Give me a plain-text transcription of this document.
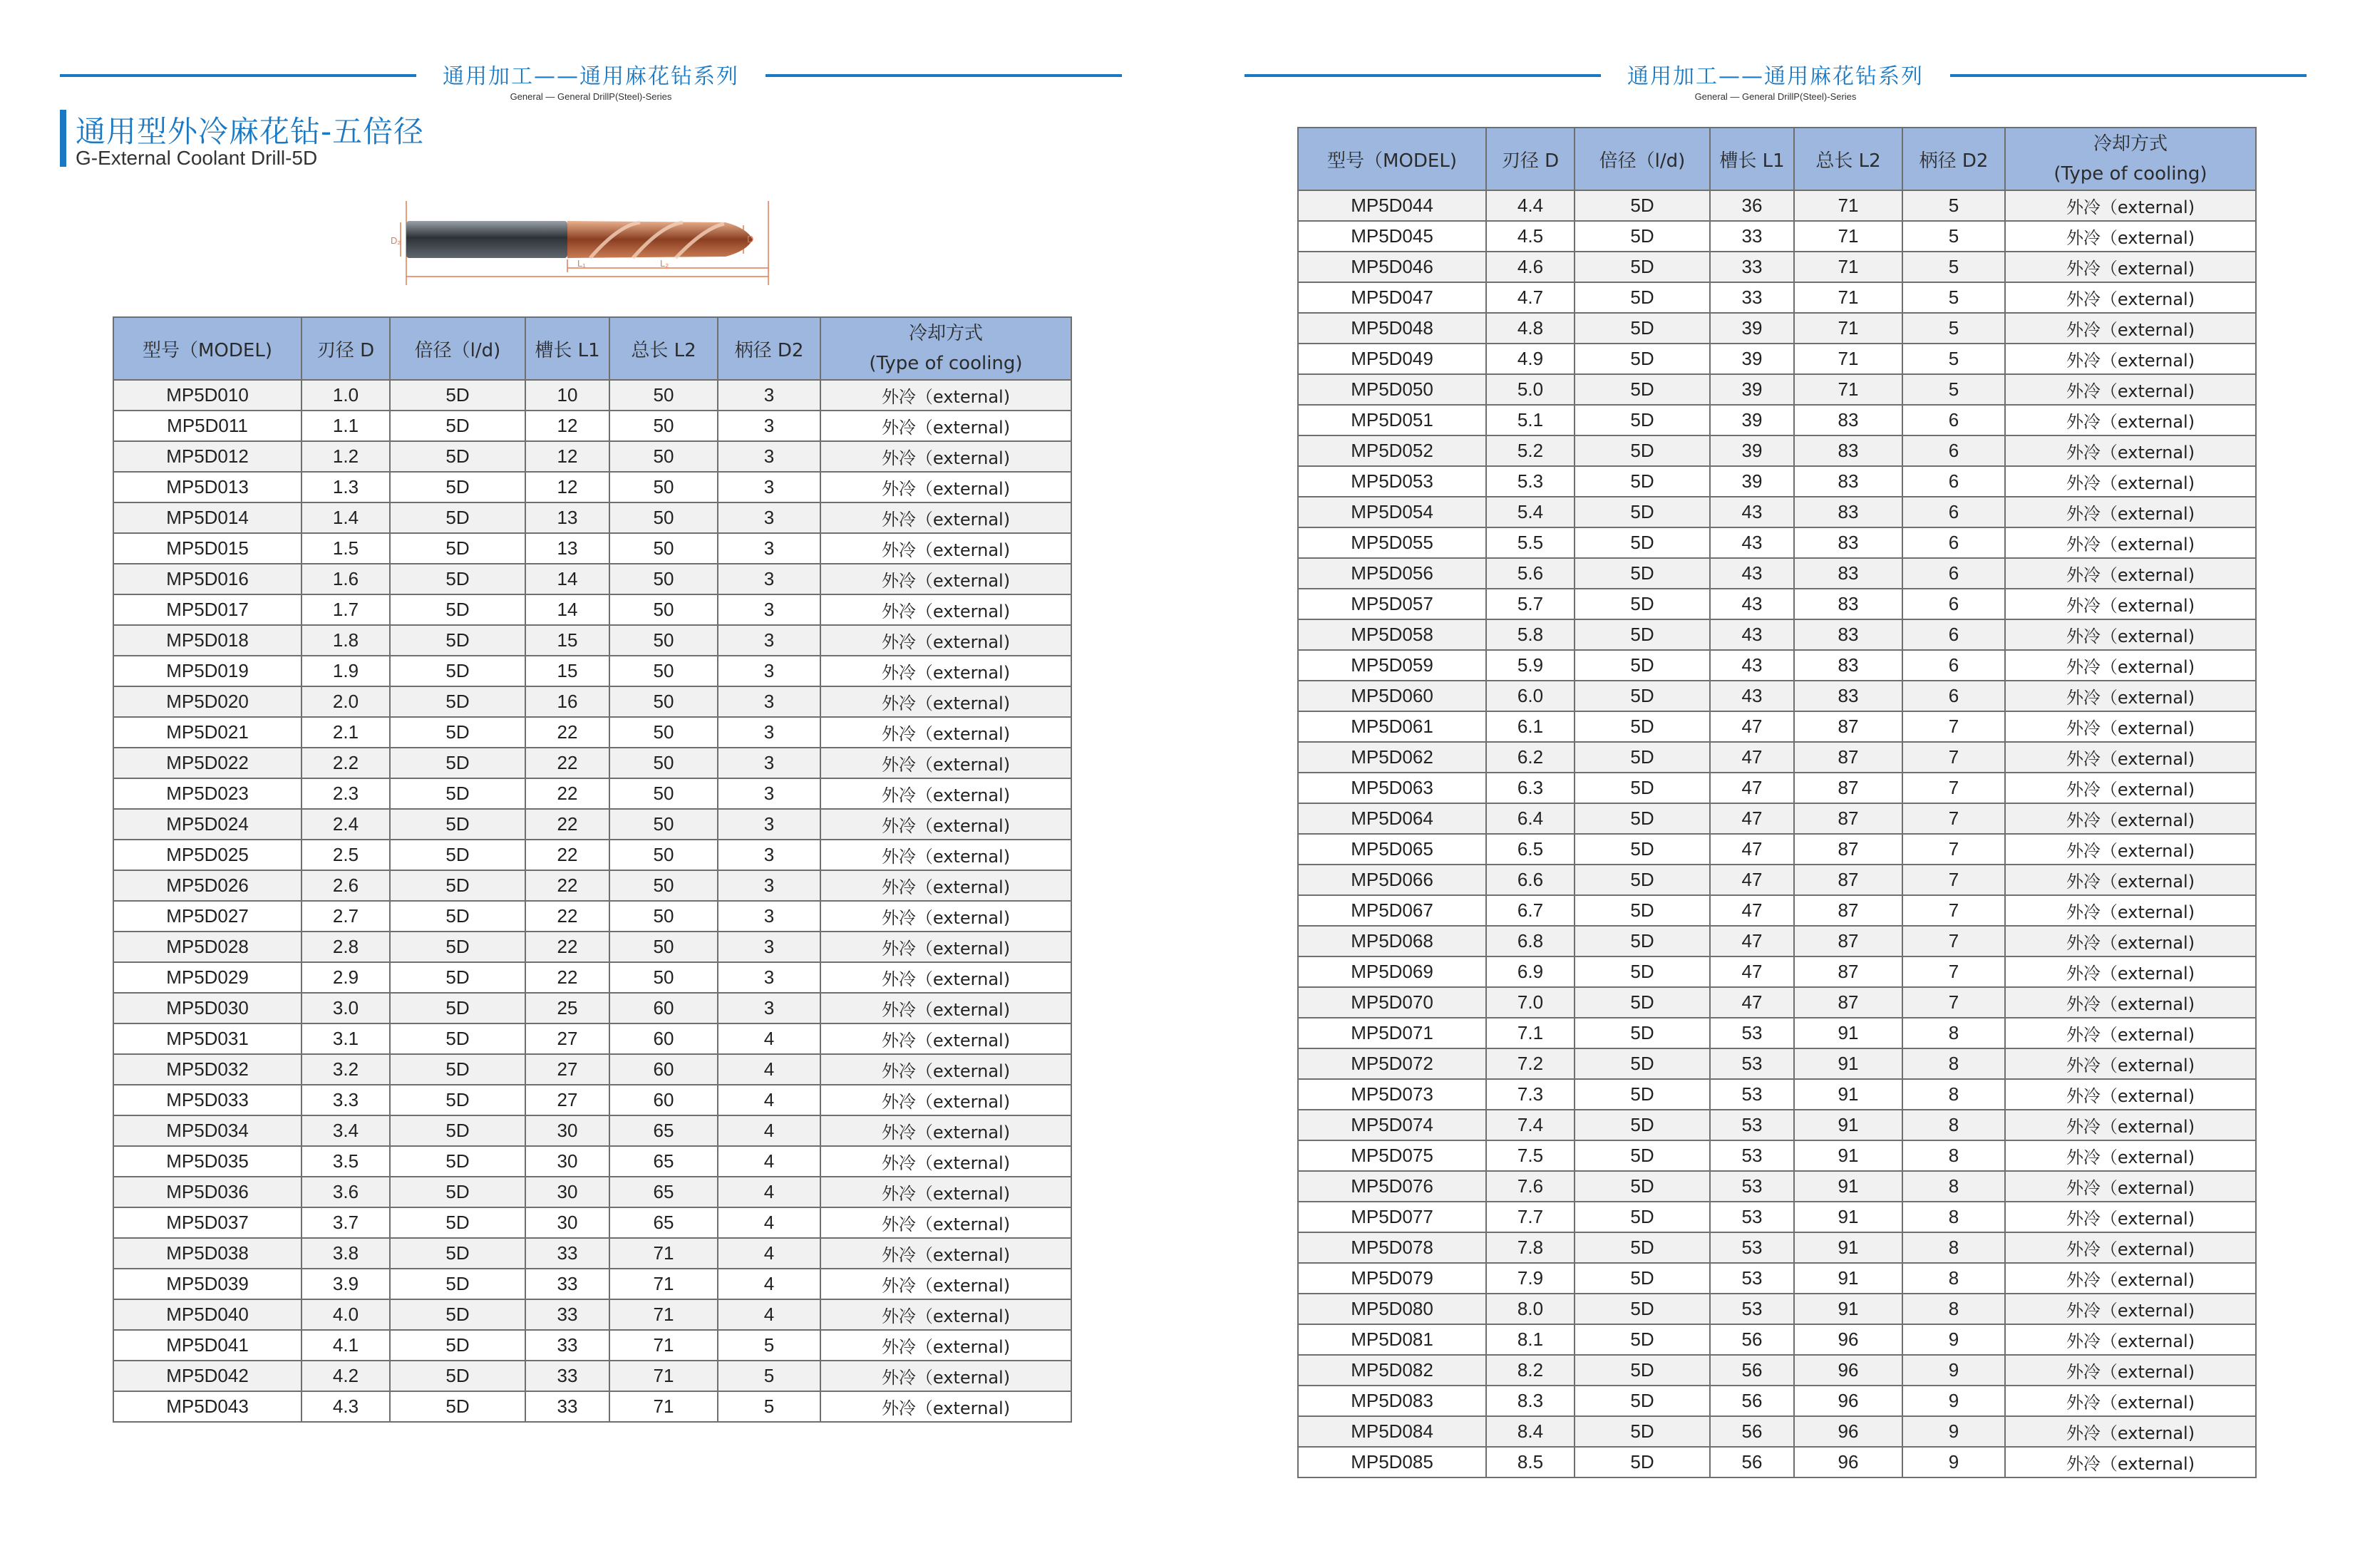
通用加工——通用麻花钻系列
General — General DrillP(Steel)-Series
通用加工——通用麻花钻系列
General — General DrillP(Steel)-Series
通用型外冷麻花钻-五倍径
G-External Coolant Drill-5D
D₂	D
L₁	L₂
型号（MODEL)	刃径 D	倍径（l/d)	槽长 L1	总长 L2	柄径 D2	冷却方式
(Type of cooling)

MP5D010	1.0	5D	10	50	3	外冷（external)
MP5D011	1.1	5D	12	50	3	外冷（external)
MP5D012	1.2	5D	12	50	3	外冷（external)
MP5D013	1.3	5D	12	50	3	外冷（external)
MP5D014	1.4	5D	13	50	3	外冷（external)
MP5D015	1.5	5D	13	50	3	外冷（external)
MP5D016	1.6	5D	14	50	3	外冷（external)
MP5D017	1.7	5D	14	50	3	外冷（external)
MP5D018	1.8	5D	15	50	3	外冷（external)
MP5D019	1.9	5D	15	50	3	外冷（external)
MP5D020	2.0	5D	16	50	3	外冷（external)
MP5D021	2.1	5D	22	50	3	外冷（external)
MP5D022	2.2	5D	22	50	3	外冷（external)
MP5D023	2.3	5D	22	50	3	外冷（external)
MP5D024	2.4	5D	22	50	3	外冷（external)
MP5D025	2.5	5D	22	50	3	外冷（external)
MP5D026	2.6	5D	22	50	3	外冷（external)
MP5D027	2.7	5D	22	50	3	外冷（external)
MP5D028	2.8	5D	22	50	3	外冷（external)
MP5D029	2.9	5D	22	50	3	外冷（external)
MP5D030	3.0	5D	25	60	3	外冷（external)
MP5D031	3.1	5D	27	60	4	外冷（external)
MP5D032	3.2	5D	27	60	4	外冷（external)
MP5D033	3.3	5D	27	60	4	外冷（external)
MP5D034	3.4	5D	30	65	4	外冷（external)
MP5D035	3.5	5D	30	65	4	外冷（external)
MP5D036	3.6	5D	30	65	4	外冷（external)
MP5D037	3.7	5D	30	65	4	外冷（external)
MP5D038	3.8	5D	33	71	4	外冷（external)
MP5D039	3.9	5D	33	71	4	外冷（external)
MP5D040	4.0	5D	33	71	4	外冷（external)
MP5D041	4.1	5D	33	71	5	外冷（external)
MP5D042	4.2	5D	33	71	5	外冷（external)
MP5D043	4.3	5D	33	71	5	外冷（external)
型号（MODEL)	刃径 D	倍径（l/d)	槽长 L1	总长 L2	柄径 D2	冷却方式
(Type of cooling)

MP5D044	4.4	5D	36	71	5	外冷（external)
MP5D045	4.5	5D	33	71	5	外冷（external)
MP5D046	4.6	5D	33	71	5	外冷（external)
MP5D047	4.7	5D	33	71	5	外冷（external)
MP5D048	4.8	5D	39	71	5	外冷（external)
MP5D049	4.9	5D	39	71	5	外冷（external)
MP5D050	5.0	5D	39	71	5	外冷（external)
MP5D051	5.1	5D	39	83	6	外冷（external)
MP5D052	5.2	5D	39	83	6	外冷（external)
MP5D053	5.3	5D	39	83	6	外冷（external)
MP5D054	5.4	5D	43	83	6	外冷（external)
MP5D055	5.5	5D	43	83	6	外冷（external)
MP5D056	5.6	5D	43	83	6	外冷（external)
MP5D057	5.7	5D	43	83	6	外冷（external)
MP5D058	5.8	5D	43	83	6	外冷（external)
MP5D059	5.9	5D	43	83	6	外冷（external)
MP5D060	6.0	5D	43	83	6	外冷（external)
MP5D061	6.1	5D	47	87	7	外冷（external)
MP5D062	6.2	5D	47	87	7	外冷（external)
MP5D063	6.3	5D	47	87	7	外冷（external)
MP5D064	6.4	5D	47	87	7	外冷（external)
MP5D065	6.5	5D	47	87	7	外冷（external)
MP5D066	6.6	5D	47	87	7	外冷（external)
MP5D067	6.7	5D	47	87	7	外冷（external)
MP5D068	6.8	5D	47	87	7	外冷（external)
MP5D069	6.9	5D	47	87	7	外冷（external)
MP5D070	7.0	5D	47	87	7	外冷（external)
MP5D071	7.1	5D	53	91	8	外冷（external)
MP5D072	7.2	5D	53	91	8	外冷（external)
MP5D073	7.3	5D	53	91	8	外冷（external)
MP5D074	7.4	5D	53	91	8	外冷（external)
MP5D075	7.5	5D	53	91	8	外冷（external)
MP5D076	7.6	5D	53	91	8	外冷（external)
MP5D077	7.7	5D	53	91	8	外冷（external)
MP5D078	7.8	5D	53	91	8	外冷（external)
MP5D079	7.9	5D	53	91	8	外冷（external)
MP5D080	8.0	5D	53	91	8	外冷（external)
MP5D081	8.1	5D	56	96	9	外冷（external)
MP5D082	8.2	5D	56	96	9	外冷（external)
MP5D083	8.3	5D	56	96	9	外冷（external)
MP5D084	8.4	5D	56	96	9	外冷（external)
MP5D085	8.5	5D	56	96	9	外冷（external)
